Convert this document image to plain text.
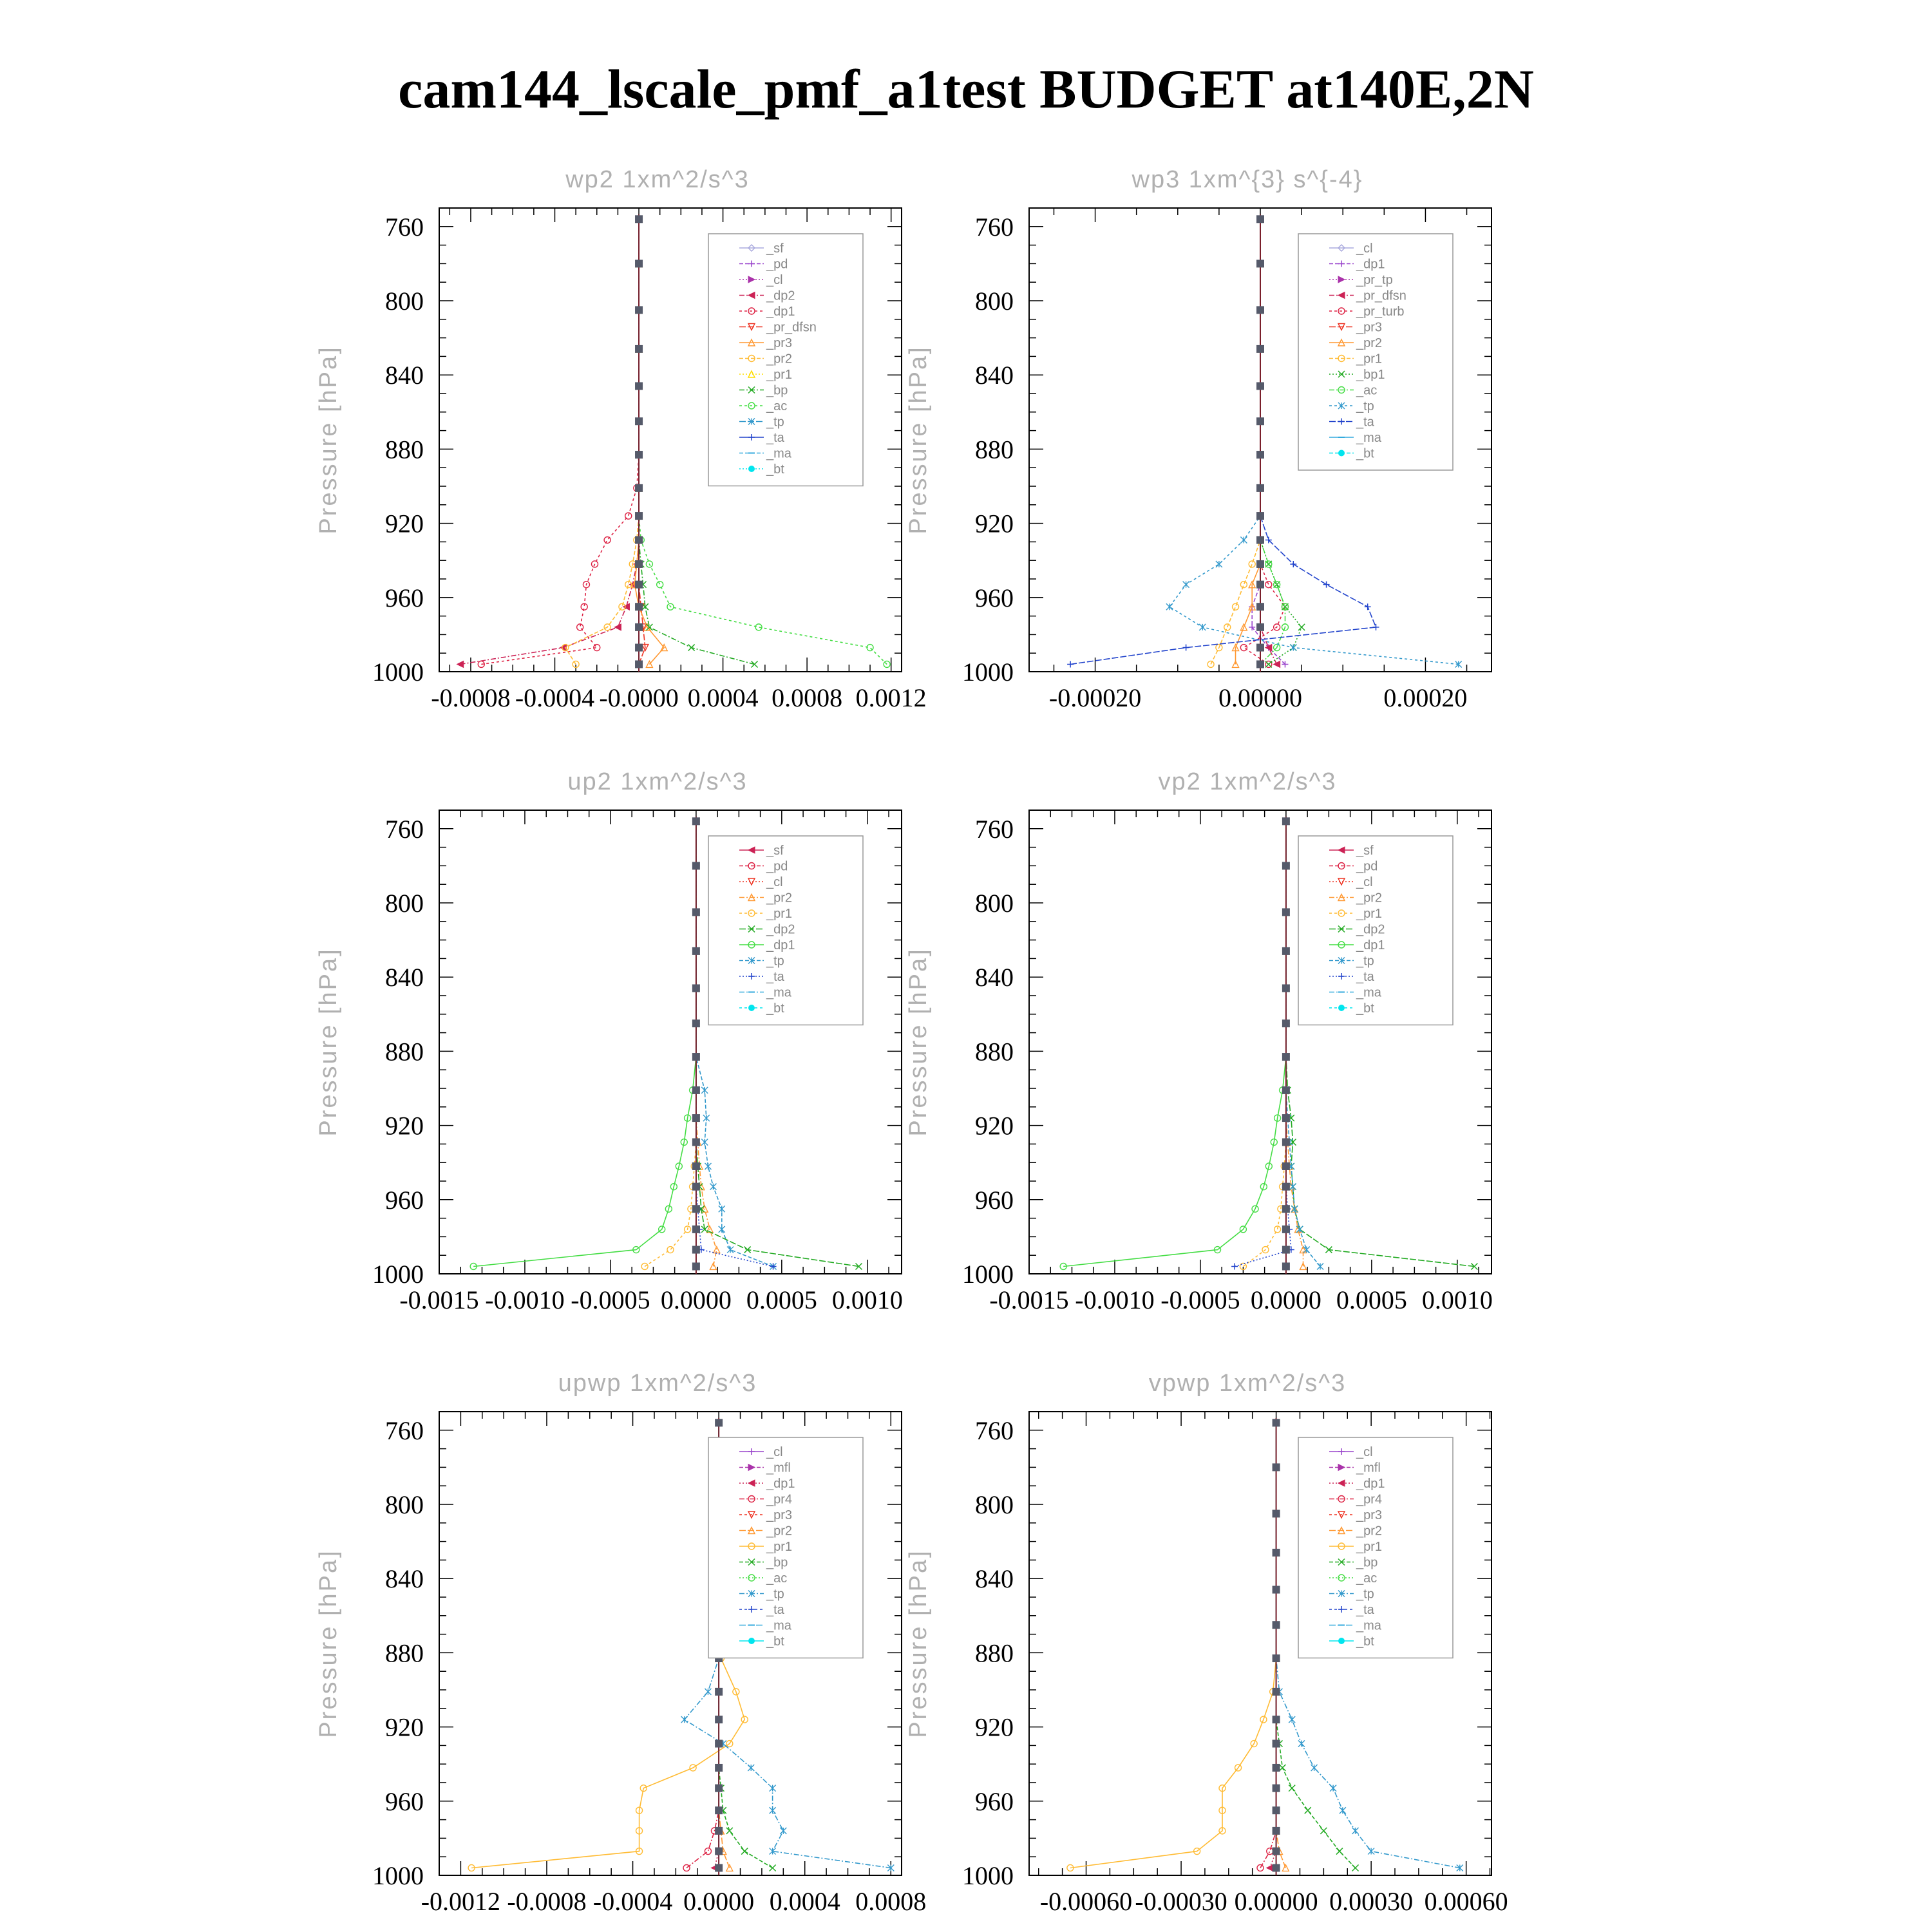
cam144_lscale_pmf_a1test BUDGET at140E,2N
wp2 1xm^2/s^3
760
800
840
880
920
960
1000
Pressure [hPa]
-0.0008 -0.0004 -0.0000 0.0004 0.0008 0.0012
_sf
_pd
_cl
_dp2
_dp1
_pr_dfsn
_pr3
_pr2
_pr1
_bp
_ac
_tp
_ta
_ma
_bt
wp3 1xm^{3} s^{-4}
760
800
840
880
920
960
1000
Pressure [hPa]
-0.00020	0.00000	0.00020
_cl
_dp1
_pr_tp
_pr_dfsn
_pr_turb
_pr3
_pr2
_pr1
_bp1
_ac
_tp
_ta
_ma
_bt
up2 1xm^2/s^3
760
800
840
880
920
960
1000
Pressure [hPa]
-0.0015 -0.0010 -0.0005 0.0000 0.0005 0.0010
_sf
_pd
_cl
_pr2
_pr1
_dp2
_dp1
_tp
_ta
_ma
_bt
vp2 1xm^2/s^3
760
800
840
880
920
960
1000
Pressure [hPa]
-0.0015 -0.0010 -0.0005 0.0000 0.0005 0.0010
_sf
_pd
_cl
_pr2
_pr1
_dp2
_dp1
_tp
_ta
_ma
_bt
upwp 1xm^2/s^3
760
800
840
880
920
960
1000
Pressure [hPa]
-0.0012 -0.0008 -0.0004 0.0000 0.0004 0.0008
_cl
_mfl
_dp1
_pr4
_pr3
_pr2
_pr1
_bp
_ac
_tp
_ta
_ma
_bt
vpwp 1xm^2/s^3
760
800
840
880
920
960
1000
Pressure [hPa]
-0.00060 -0.00030 0.00000 0.00030 0.00060
_cl
_mfl
_dp1
_pr4
_pr3
_pr2
_pr1
_bp
_ac
_tp
_ta
_ma
_bt
